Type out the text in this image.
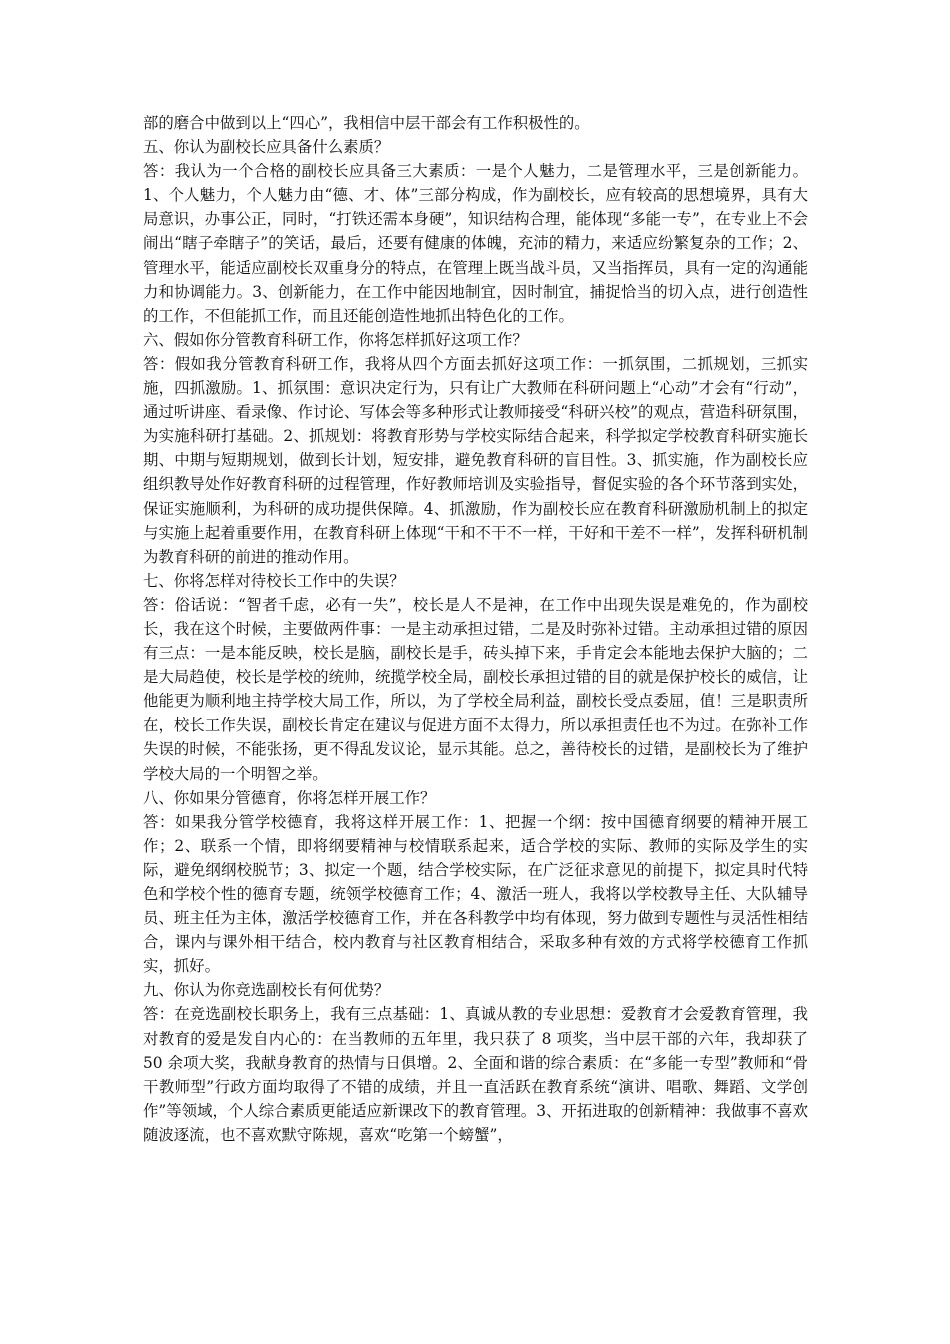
部的磨合中做到以上“四心”，我相信中层干部会有工作积极性的。

五、你认为副校长应具备什么素质？

答：我认为一个合格的副校长应具备三大素质：一是个人魅力，二是管理水平，三是创新能力。1、个人魅力，个人魅力由“德、才、体”三部分构成，作为副校长，应有较高的思想境界，具有大局意识，办事公正，同时，“打铁还需本身硬”，知识结构合理，能体现“多能一专”，在专业上不会闹出“瞎子牵瞎子”的笑话，最后，还要有健康的体魄，充沛的精力，来适应纷繁复杂的工作；2、管理水平，能适应副校长双重身分的特点，在管理上既当战斗员，又当指挥员，具有一定的沟通能力和协调能力。3、创新能力，在工作中能因地制宜，因时制宜，捕捉恰当的切入点，进行创造性的工作，不但能抓工作，而且还能创造性地抓出特色化的工作。

六、假如你分管教育科研工作，你将怎样抓好这项工作？

答：假如我分管教育科研工作，我将从四个方面去抓好这项工作：一抓氛围，二抓规划，三抓实施，四抓激励。1、抓氛围：意识决定行为，只有让广大教师在科研问题上“心动”才会有“行动”，通过听讲座、看录像、作讨论、写体会等多种形式让教师接受“科研兴校”的观点，营造科研氛围，为实施科研打基础。2、抓规划：将教育形势与学校实际结合起来，科学拟定学校教育科研实施长期、中期与短期规划，做到长计划，短安排，避免教育科研的盲目性。3、抓实施，作为副校长应组织教导处作好教育科研的过程管理，作好教师培训及实验指导，督促实验的各个环节落到实处，保证实施顺利，为科研的成功提供保障。4、抓激励，作为副校长应在教育科研激励机制上的拟定与实施上起着重要作用，在教育科研上体现“干和不干不一样，干好和干差不一样”，发挥科研机制为教育科研的前进的推动作用。

七、你将怎样对待校长工作中的失误？

答：俗话说：“智者千虑，必有一失”，校长是人不是神，在工作中出现失误是难免的，作为副校长，我在这个时候，主要做两件事：一是主动承担过错，二是及时弥补过错。主动承担过错的原因有三点：一是本能反映，校长是脑，副校长是手，砖头掉下来，手肯定会本能地去保护大脑的；二是大局趋使，校长是学校的统帅，统揽学校全局，副校长承担过错的目的就是保护校长的威信，让他能更为顺利地主持学校大局工作，所以，为了学校全局利益，副校长受点委屈，值！三是职责所在，校长工作失误，副校长肯定在建议与促进方面不太得力，所以承担责任也不为过。在弥补工作失误的时候，不能张扬，更不得乱发议论，显示其能。总之，善待校长的过错，是副校长为了维护学校大局的一个明智之举。

八、你如果分管德育，你将怎样开展工作？

答：如果我分管学校德育，我将这样开展工作：1、把握一个纲：按中国德育纲要的精神开展工作；2、联系一个情，即将纲要精神与校情联系起来，适合学校的实际、教师的实际及学生的实际，避免纲纲校脱节；3、拟定一个题，结合学校实际，在广泛征求意见的前提下，拟定具时代特色和学校个性的德育专题，统领学校德育工作；4、激活一班人，我将以学校教导主任、大队辅导员、班主任为主体，激活学校德育工作，并在各科教学中均有体现，努力做到专题性与灵活性相结合，课内与课外相干结合，校内教育与社区教育相结合，采取多种有效的方式将学校德育工作抓实，抓好。

九、你认为你竞选副校长有何优势？

答：在竞选副校长职务上，我有三点基础：1、真诚从教的专业思想：爱教育才会爱教育管理，我对教育的爱是发自内心的：在当教师的五年里，我只获了 8 项奖，当中层干部的六年，我却获了 50 余项大奖，我献身教育的热情与日俱增。2、全面和谐的综合素质：在“多能一专型”教师和“骨干教师型”行政方面均取得了不错的成绩，并且一直活跃在教育系统“演讲、唱歌、舞蹈、文学创作”等领域，个人综合素质更能适应新课改下的教育管理。3、开拓进取的创新精神：我做事不喜欢随波逐流，也不喜欢默守陈规，喜欢“吃第一个螃蟹”，
